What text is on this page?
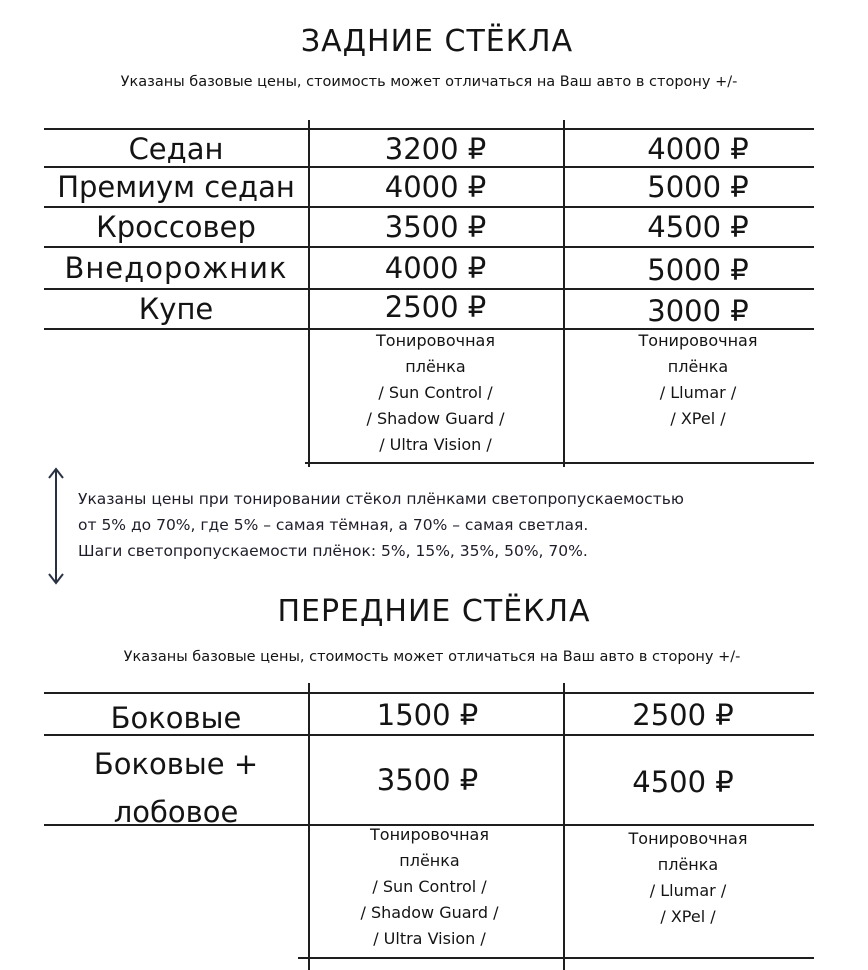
ЗАДНИЕ СТЁКЛА
Указаны базовые цены, стоимость может отличаться на Ваш авто в сторону +/-
Седан	3200 ₽	4000 ₽
Премиум седан	4000 ₽	5000 ₽
Кроссовер	3500 ₽	4500 ₽
Внедорожник	4000 ₽	5000 ₽
Купе	2500 ₽	3000 ₽
Тонировочная
плёнка
/ Sun Control /
/ Shadow Guard /
/ Ultra Vision /
Тонировочная
плёнка
/ Llumar /
/ XPel /
Указаны цены при тонировании стёкол плёнками светопропускаемостью
от 5% до 70%, где 5% – самая тёмная, а 70% – самая светлая.
Шаги светопропускаемости плёнок: 5%, 15%, 35%, 50%, 70%.
ПЕРЕДНИЕ СТЁКЛА
Указаны базовые цены, стоимость может отличаться на Ваш авто в сторону +/-
Боковые	1500 ₽	2500 ₽
Боковые +
лобовое
3500 ₽	4500 ₽
Тонировочная
плёнка
/ Sun Control /
/ Shadow Guard /
/ Ultra Vision /
Тонировочная
плёнка
/ Llumar /
/ XPel /
